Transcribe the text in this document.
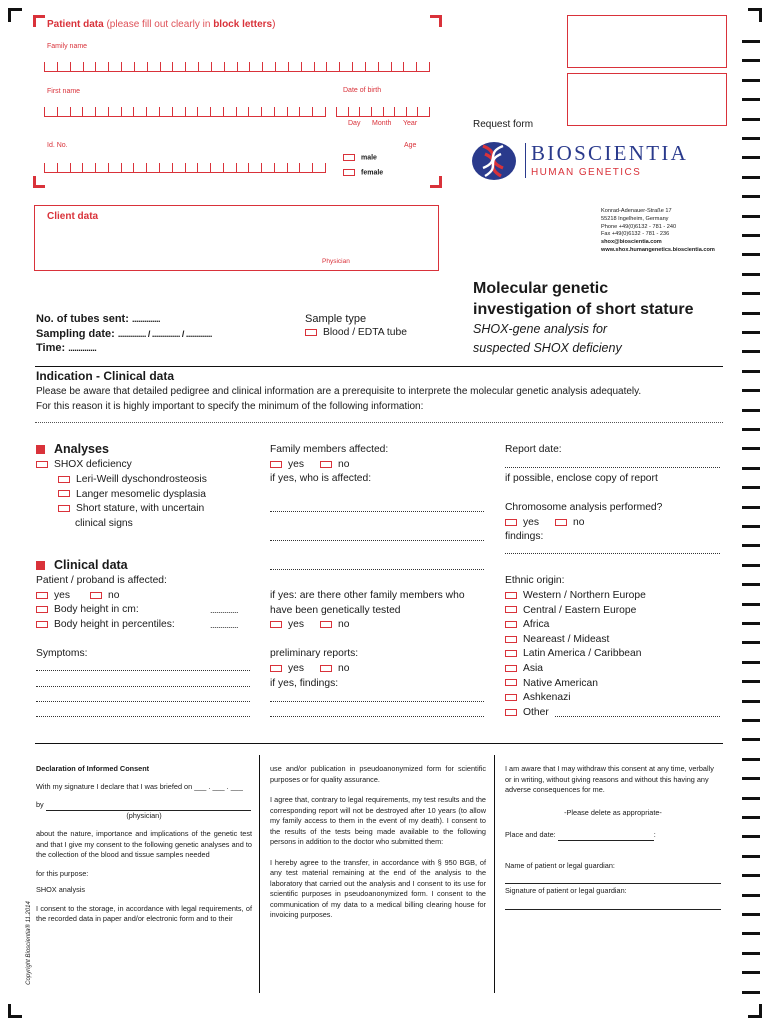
Patient data (please fill out clearly in block letters)
Family name
First name	Date of birth
Day Month Year
Id. No.	Age
male
female
Request form
BIOSCIENTIA
HUMAN GENETICS
Client data
Physician
Konrad-Adenauer-Straße 17
55218 Ingelheim, Germany
Phone +49(0)6132 - 781 - 240
Fax +49(0)6132 - 781 - 236
shox@bioscientia.com
www.shox.humangenetics.bioscientia.com
Molecular genetic
investigation of short stature
SHOX-gene analysis for
suspected SHOX deficieny
No. of tubes sent: ..............
Sampling date: .............. / .............. / .............
Time: ..............
Sample type
Blood / EDTA tube
Indication - Clinical data
Please be aware that detailed pedigree and clinical information are a prerequisite to interprete the molecular genetic analysis adequately.
For this reason it is highly important to specify the minimum of the following information:
Analyses
SHOX deficiency
Leri-Weill dyschondrosteosis
Langer mesomelic dysplasia
Short stature, with uncertain
clinical signs
Clinical data
Patient / proband is affected:
yes	no
Body height in cm:	..............
Body height in percentiles:	..............
Symptoms:
Family members affected:
yes	no
if yes, who is affected:
if yes: are there other family members who
have been genetically tested
yes	no
preliminary reports:
yes	no
if yes, findings:
Report date:
if possible, enclose copy of report
Chromosome analysis performed?
yes	no
findings:
Ethnic origin:
Western / Northern Europe
Central / Eastern Europe
Africa
Neareast / Mideast
Latin America / Caribbean
Asia
Native American
Ashkenazi
Other
Declaration of Informed Consent
With my signature I declare that I was briefed on ___ . ___ . ___
by
(physician)
about the nature, importance and implications of the genetic test and that I give my consent to the following genetic analyses and to the collection of the blood and tissue samples needed
for this purpose:
SHOX analysis
I consent to the storage, in accordance with legal requirements, of the recorded data in paper and/or electronic form and to their
use and/or publication in pseudoanonymized form for scientific purposes or for quality assurance.
I agree that, contrary to legal requirements, my test results and the corresponding report will not be destroyed after 10 years (to allow my family access to them in the event of my death). I consent to the results of the tests being made available to the following persons in addition to the doctor who submitted them:
I hereby agree to the transfer, in accordance with § 950 BGB, of any test material remaining at the end of the analysis to the laboratory that carried out the analysis and I consent to its use for scientific purposes in pseudoanonymized form. I consent to the communication of my data to a medical billing clearing house for invoicing purposes.
I am aware that I may withdraw this consent at any time, verbally or in writing, without giving reasons and without this having any adverse consequences for me.
-Please delete as appropriate-
Place and date:	:
Name of patient or legal guardian:
Signature of patient or legal guardian:
Copyright Bioscientia® 11.2014
